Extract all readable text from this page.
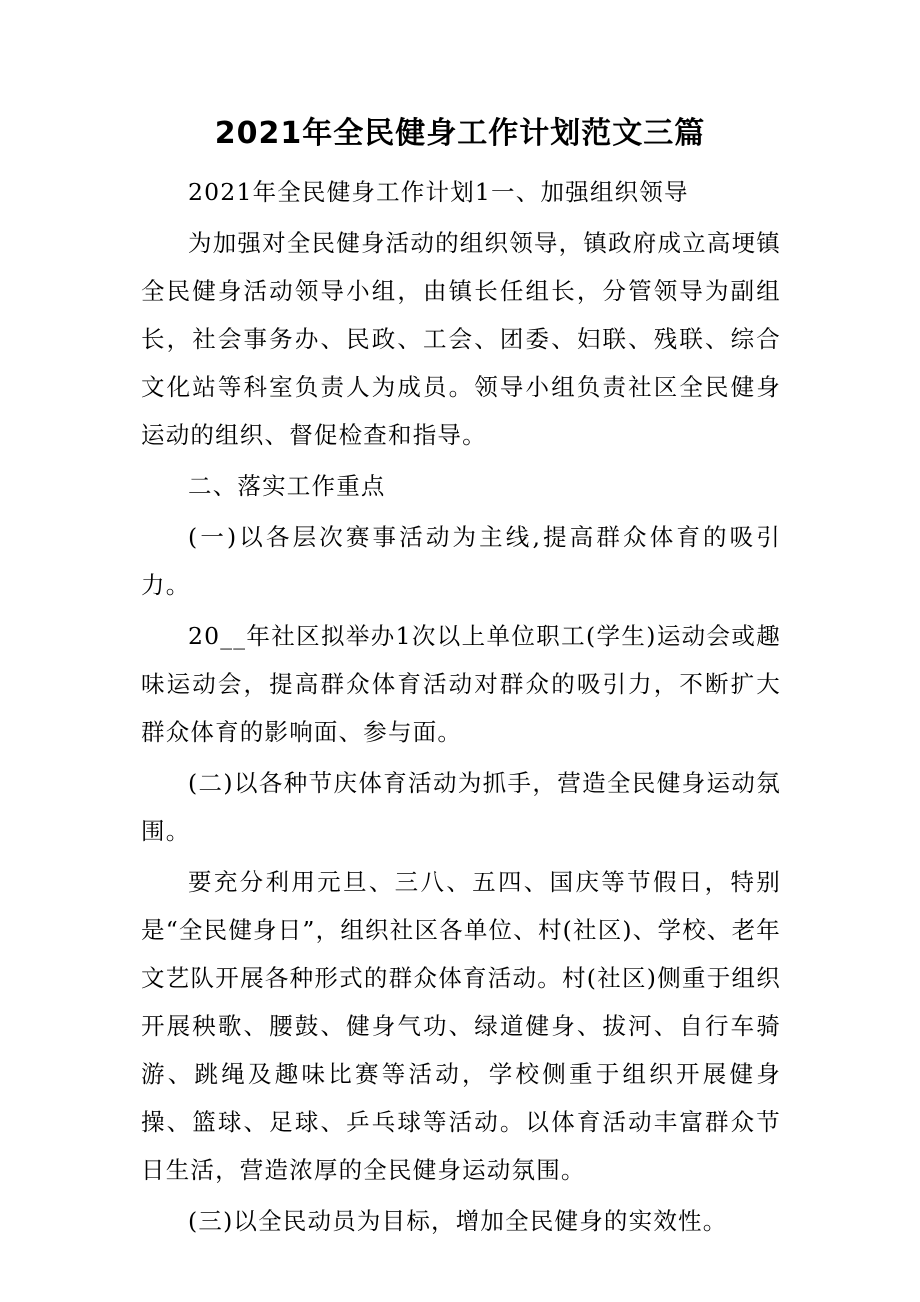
2021年全民健身工作计划范文三篇

2021年全民健身工作计划1一、加强组织领导

为加强对全民健身活动的组织领导，镇政府成立高埂镇全民健身活动领导小组，由镇长任组长，分管领导为副组长，社会事务办、民政、工会、团委、妇联、残联、综合文化站等科室负责人为成员。领导小组负责社区全民健身运动的组织、督促检查和指导。

二、落实工作重点

(一)以各层次赛事活动为主线,提高群众体育的吸引力。

20__年社区拟举办1次以上单位职工(学生)运动会或趣味运动会，提高群众体育活动对群众的吸引力，不断扩大群众体育的影响面、参与面。

(二)以各种节庆体育活动为抓手，营造全民健身运动氛围。

要充分利用元旦、三八、五四、国庆等节假日，特别是“全民健身日”，组织社区各单位、村(社区)、学校、老年文艺队开展各种形式的群众体育活动。村(社区)侧重于组织开展秧歌、腰鼓、健身气功、绿道健身、拔河、自行车骑游、跳绳及趣味比赛等活动，学校侧重于组织开展健身操、篮球、足球、乒乓球等活动。以体育活动丰富群众节日生活，营造浓厚的全民健身运动氛围。

(三)以全民动员为目标，增加全民健身的实效性。
